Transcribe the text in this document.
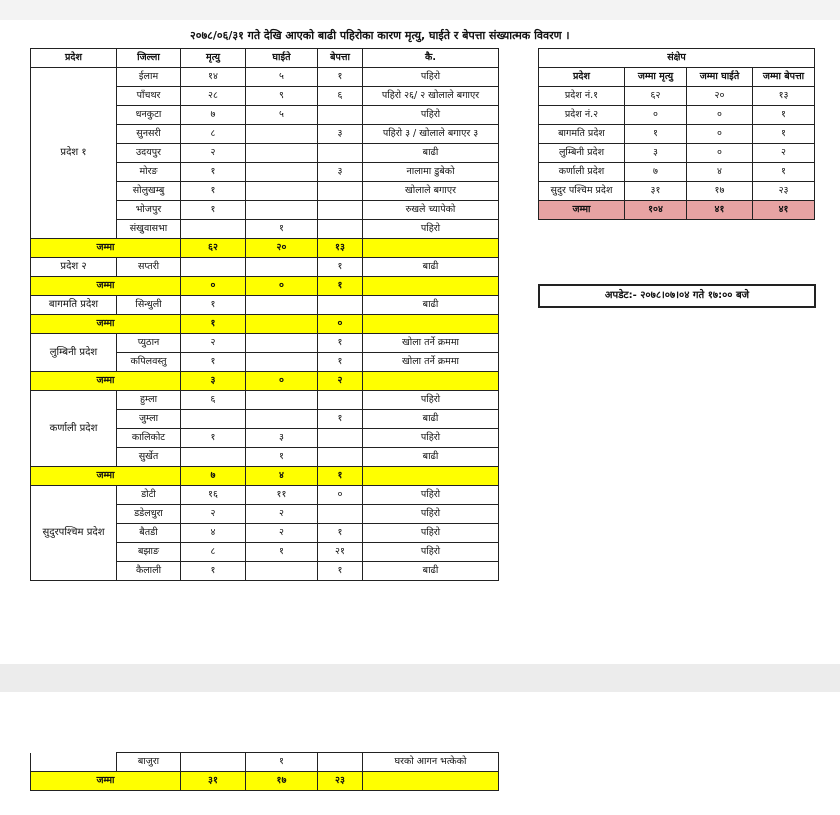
२०७८/०६/३१ गते देखि आएको बाढी पहिरोका कारण मृत्यु, घाईते र बेपत्ता संख्यात्मक विवरण ।
प्रदेश	जिल्ला	मृत्यु	घाईते	बेपत्ता	कै.
प्रदेश १	ईलाम	१४	५	१	पहिरो
	पाँचथर	२८	९	६	पहिरो २६/ २ खोलाले बगाएर
	धनकुटा	७	५		पहिरो
	सुनसरी	८		३	पहिरो ३ / खोलाले बगाएर ३
	उदयपुर	२			बाढी
	मोरङ	१		३	नालामा डुबेको
	सोलुखम्बु	१			खोलाले बगाएर
	भोजपुर	१			रुखले च्यापेको
	संखुवासभा		१		पहिरो
जम्मा		६२	२०	१३	
प्रदेश २	सप्तरी			१	बाढी
जम्मा		०	०	१	
बागमति प्रदेश	सिन्धुली	१			बाढी
जम्मा		१		०	
लुम्बिनी प्रदेश	प्युठान	२		१	खोला तर्ने क्रममा
	कपिलवस्तु	१		१	खोला तर्ने क्रममा
जम्मा		३	०	२	
कर्णाली प्रदेश	हुम्ला	६			पहिरो
	जुम्ला			१	बाढी
	कालिकोट	१	३		पहिरो
	सुर्खेत		१		बाढी
जम्मा		७	४	१	
सुदुरपश्चिम प्रदेश	डोटी	१६	११	०	पहिरो
	डडेलधुरा	२	२		पहिरो
	बैतडी	४	२	१	पहिरो
	बझाङ	८	१	२१	पहिरो
	कैलाली	१		१	बाढी
संक्षेप			
प्रदेश	जम्मा मृत्यु	जम्मा घाईते	जम्मा बेपत्ता
प्रदेश नं.१	६२	२०	१३
प्रदेश नं.२	०	०	१
बागमति प्रदेश	१	०	१
लुम्बिनी प्रदेश	३	०	२
कर्णाली प्रदेश	७	४	१
सुदुर पश्चिम प्रदेश	३१	१७	२३
जम्मा	१०४	४१	४१
अपडेट:- २०७८।०७।०४ गते १७:०० बजे
	बाजुरा		१		घरको आगन भत्केको
जम्मा		३१	१७	२३	
